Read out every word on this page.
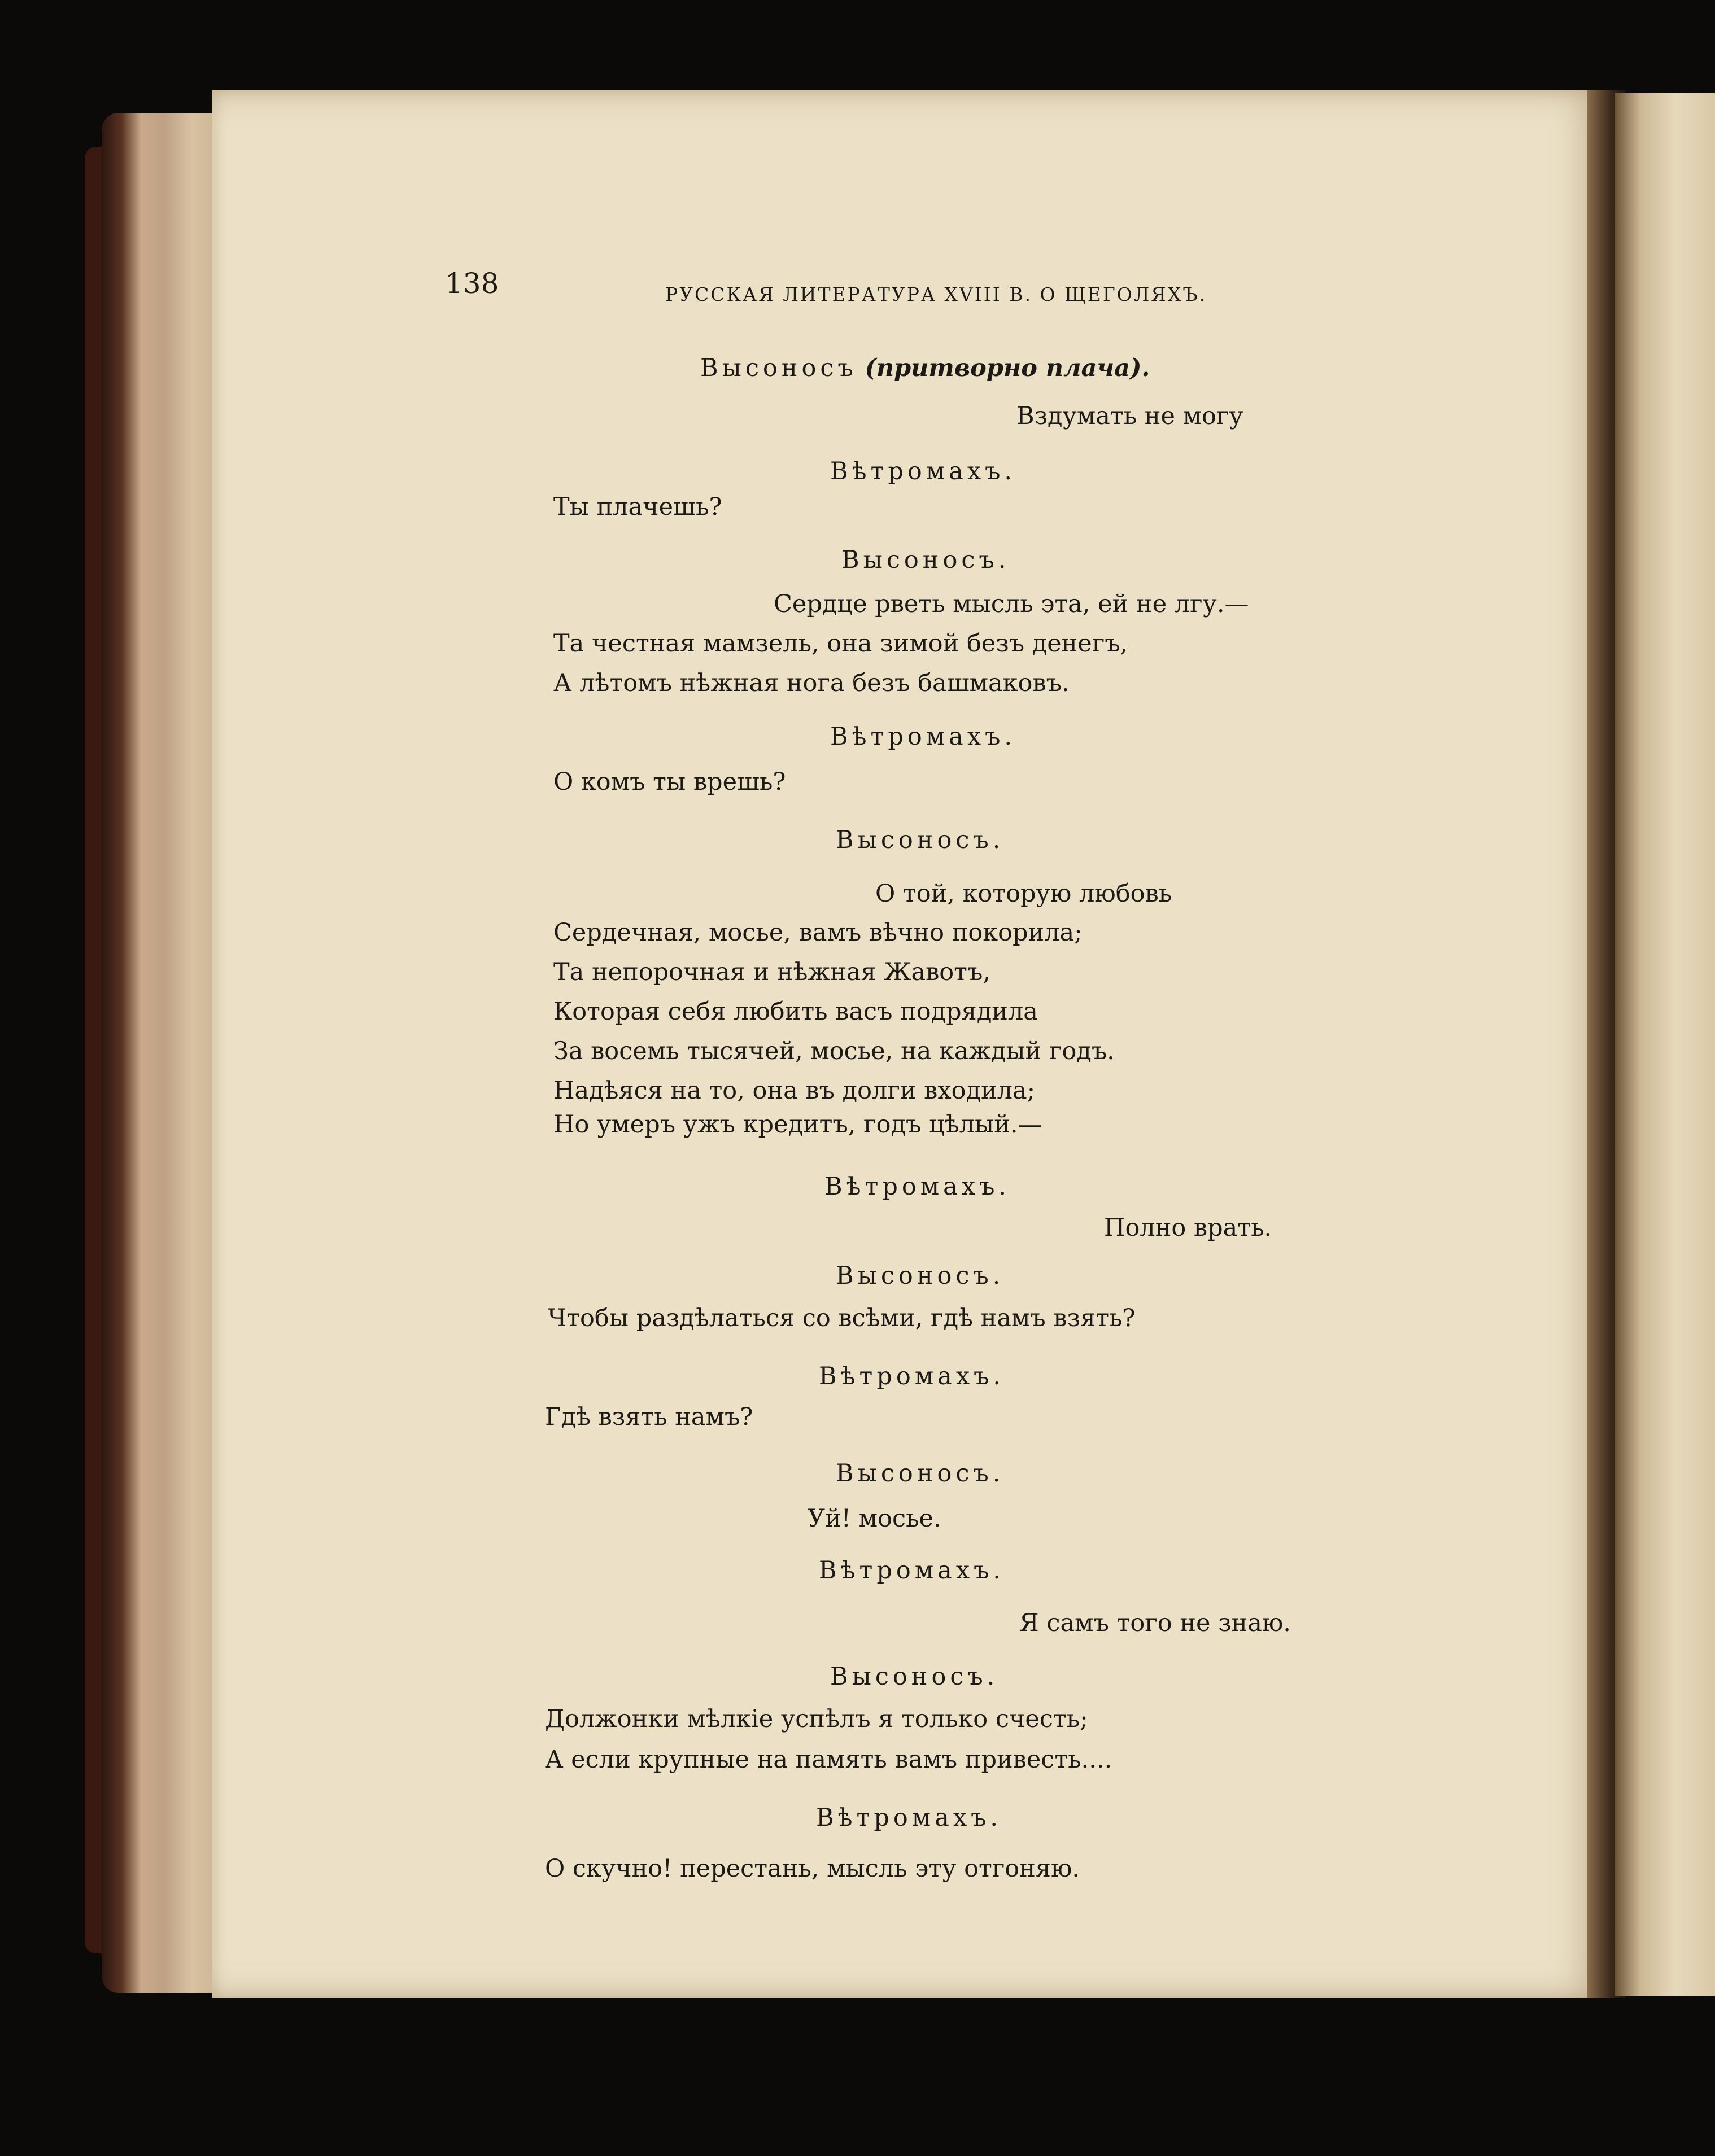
138	РУССКАЯ ЛИТЕРАТУРА XVIII В. О ЩЕГОЛЯХЪ.
Высоносъ (притворно плача).
Вздумать не могу
Вѣтромахъ.
Ты плачешь?
Высоносъ.
Сердце рветь мысль эта, ей не лгу.—
Та честная мамзель, она зимой безъ денегъ,
А лѣтомъ нѣжная нога безъ башмаковъ.
Вѣтромахъ.
О комъ ты врешь?
Высоносъ.
О той, которую любовь
Сердечная, мосье, вамъ вѣчно покорила;
Та непорочная и нѣжная Жавотъ,
Которая себя любить васъ подрядила
За восемь тысячей, мосье, на каждый годъ.
Надѣяся на то, она въ долги входила;
Но умеръ ужъ кредитъ, годъ цѣлый.—
Вѣтромахъ.
Полно врать.
Высоносъ.
Чтобы раздѣлаться со всѣми, гдѣ намъ взять?
Вѣтромахъ.
Гдѣ взять намъ?
Высоносъ.
Уй! мосье.
Вѣтромахъ.
Я самъ того не знаю.
Высоносъ.
Должонки мѣлкіе успѣлъ я только счесть;
А если крупные на память вамъ привесть....
Вѣтромахъ.
О скучно! перестань, мысль эту отгоняю.
